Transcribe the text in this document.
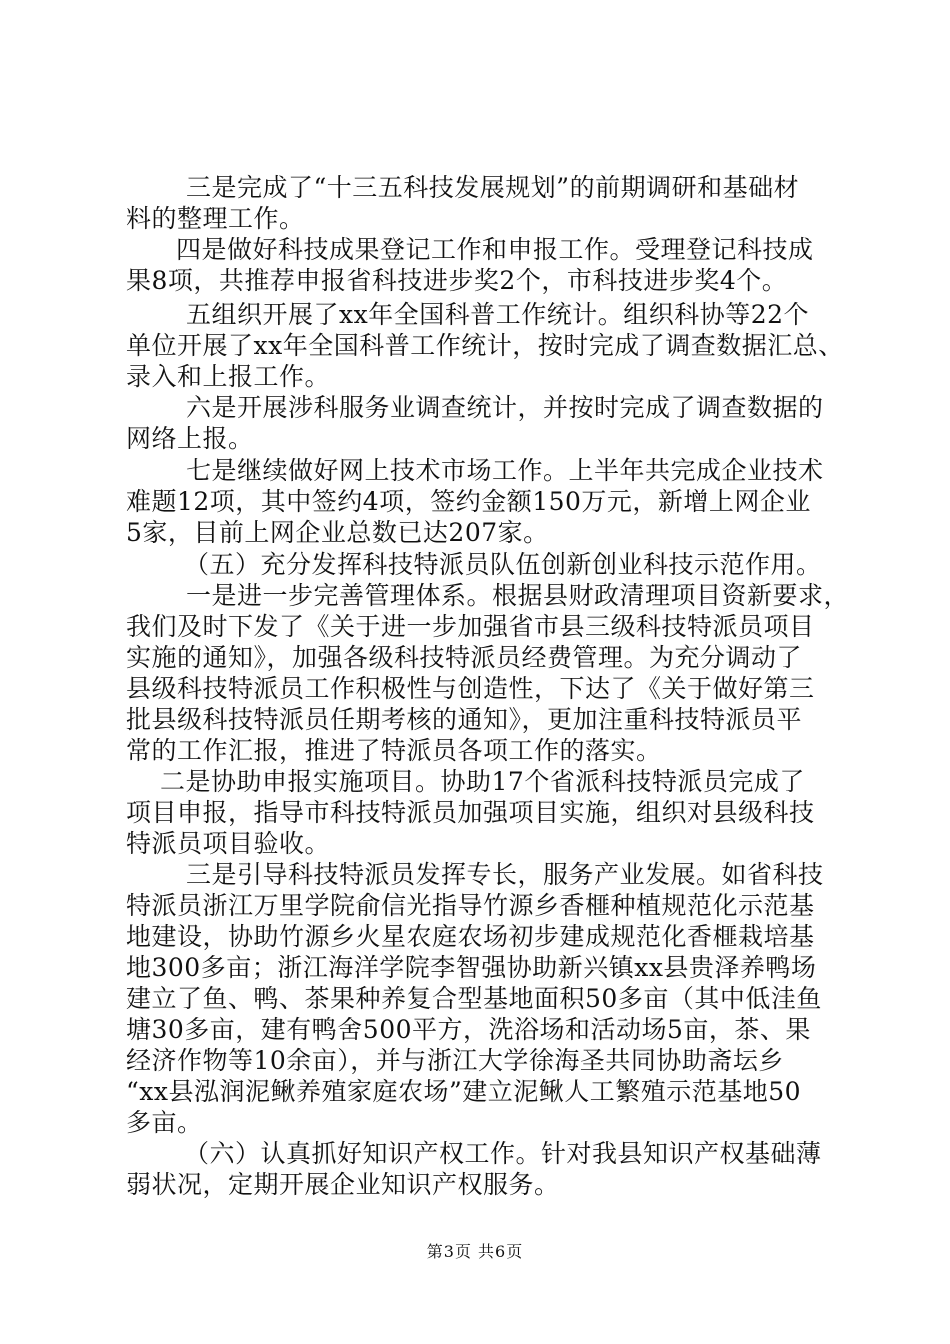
三是完成了“十三五科技发展规划”的前期调研和基础材
料的整理工作。
四是做好科技成果登记工作和申报工作。受理登记科技成
果8项，共推荐申报省科技进步奖2个，市科技进步奖4个。
五组织开展了xx年全国科普工作统计。组织科协等22个
单位开展了xx年全国科普工作统计，按时完成了调查数据汇总、
录入和上报工作。
六是开展涉科服务业调查统计，并按时完成了调查数据的
网络上报。
七是继续做好网上技术市场工作。上半年共完成企业技术
难题12项，其中签约4项，签约金额150万元，新增上网企业
5家，目前上网企业总数已达207家。
（五）充分发挥科技特派员队伍创新创业科技示范作用。
一是进一步完善管理体系。根据县财政清理项目资新要求，
我们及时下发了《关于进一步加强省市县三级科技特派员项目
实施的通知》，加强各级科技特派员经费管理。为充分调动了
县级科技特派员工作积极性与创造性，下达了《关于做好第三
批县级科技特派员任期考核的通知》，更加注重科技特派员平
常的工作汇报，推进了特派员各项工作的落实。
二是协助申报实施项目。协助17个省派科技特派员完成了
项目申报，指导市科技特派员加强项目实施，组织对县级科技
特派员项目验收。
三是引导科技特派员发挥专长，服务产业发展。如省科技
特派员浙江万里学院俞信光指导竹源乡香榧种植规范化示范基
地建设，协助竹源乡火星农庭农场初步建成规范化香榧栽培基
地300多亩；浙江海洋学院李智强协助新兴镇xx县贵泽养鸭场
建立了鱼、鸭、茶果种养复合型基地面积50多亩（其中低洼鱼
塘30多亩，建有鸭舍500平方，洗浴场和活动场5亩，茶、果
经济作物等10余亩），并与浙江大学徐海圣共同协助斋坛乡
“xx县泓润泥鳅养殖家庭农场”建立泥鳅人工繁殖示范基地50
多亩。
（六）认真抓好知识产权工作。针对我县知识产权基础薄
弱状况，定期开展企业知识产权服务。
第3页 共6页
